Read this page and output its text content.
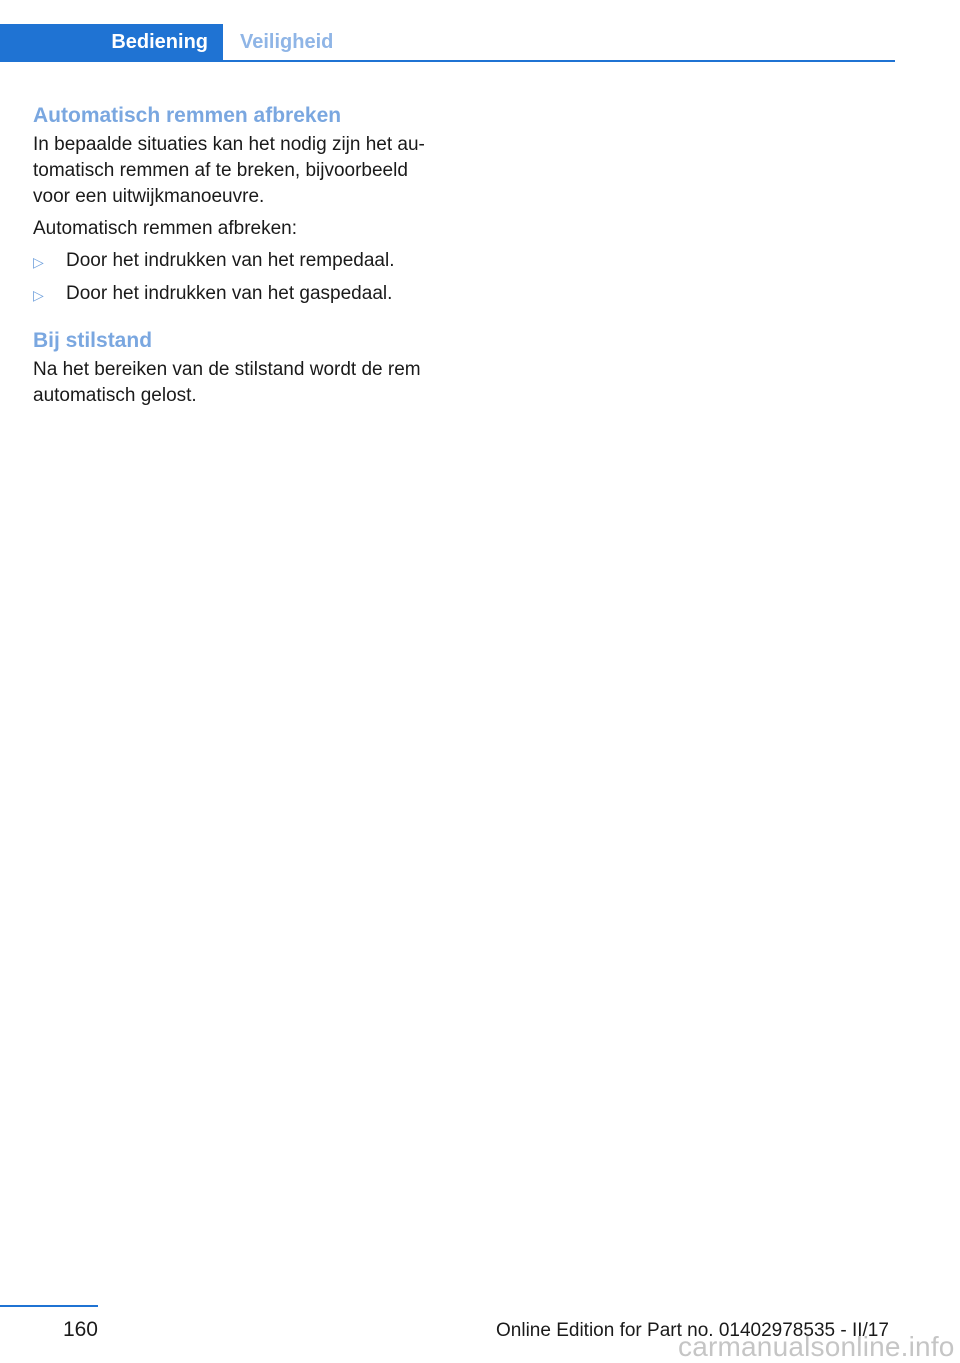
Bediening	Veiligheid
Automatisch remmen afbreken

In bepaalde situaties kan het nodig zijn het au-
tomatisch remmen af te breken, bijvoorbeeld
voor een uitwijkmanoeuvre.

Automatisch remmen afbreken:

▷ Door het indrukken van het rempedaal.
▷ Door het indrukken van het gaspedaal.
Bij stilstand

Na het bereiken van de stilstand wordt de rem
automatisch gelost.

160	Online Edition for Part no. 01402978535 - II/17
carmanualsonline.info
